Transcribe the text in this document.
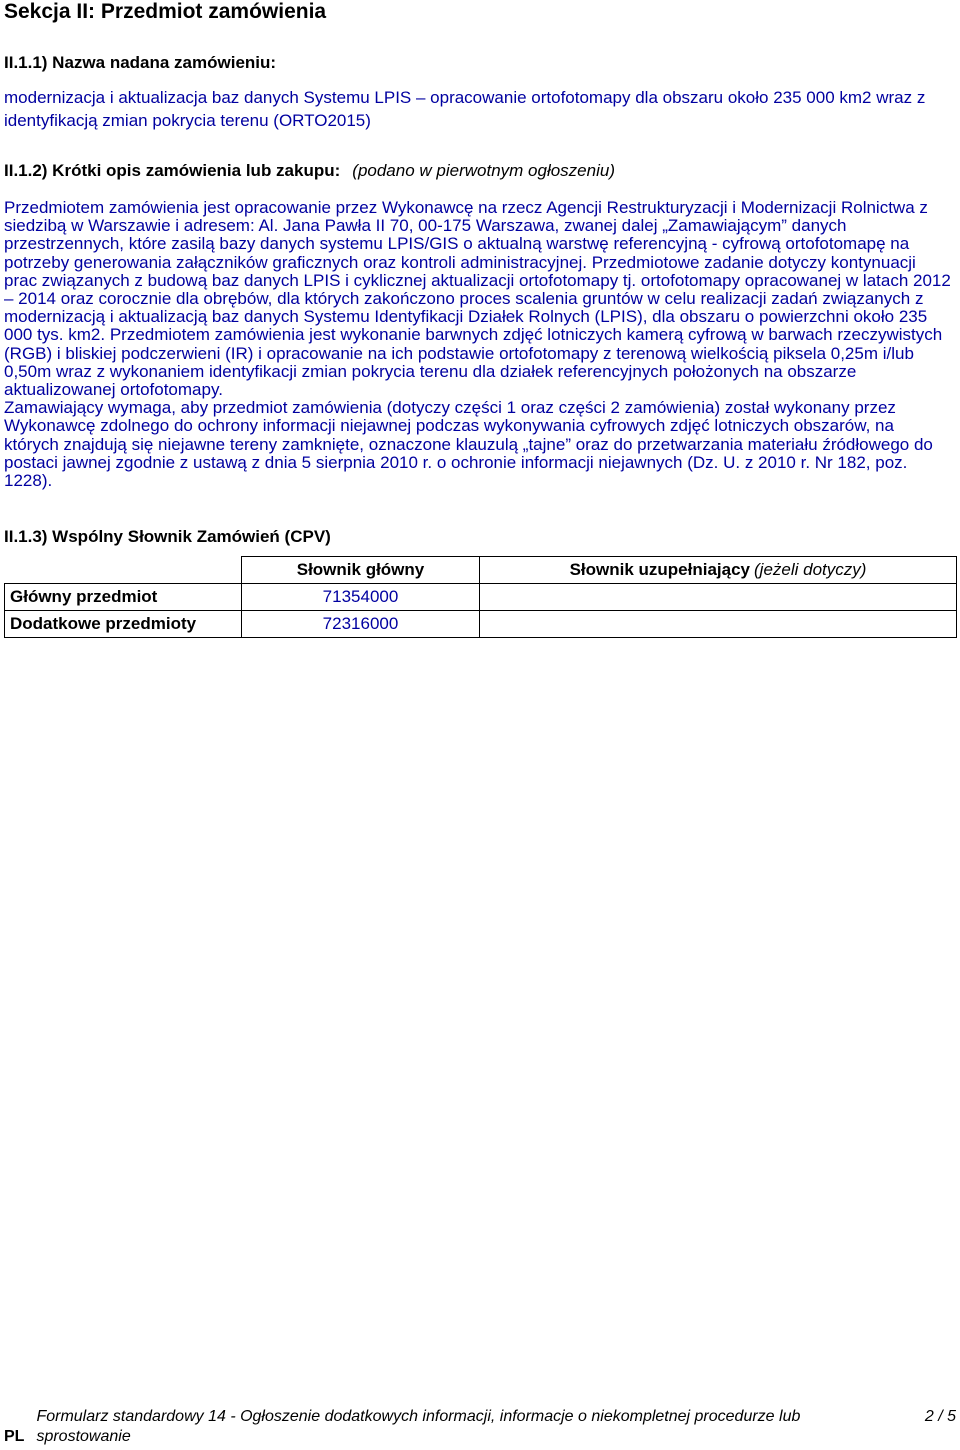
Sekcja II: Przedmiot zamówienia
II.1.1) Nazwa nadana zamówieniu:
modernizacja i aktualizacja baz danych Systemu LPIS – opracowanie ortofotomapy dla obszaru około 235 000 km2 wraz z identyfikacją zmian pokrycia terenu (ORTO2015)
II.1.2) Krótki opis zamówienia lub zakupu: (podano w pierwotnym ogłoszeniu)

Przedmiotem zamówienia jest opracowanie przez Wykonawcę na rzecz Agencji Restrukturyzacji i Modernizacji Rolnictwa z siedzibą w Warszawie i adresem: Al. Jana Pawła II 70, 00-175 Warszawa, zwanej dalej „Zamawiającym” danych przestrzennych, które zasilą bazy danych systemu LPIS/GIS o aktualną warstwę referencyjną - cyfrową ortofotomapę na potrzeby generowania załączników graficznych oraz kontroli administracyjnej. Przedmiotowe zadanie dotyczy kontynuacji prac związanych z budową baz danych LPIS i cyklicznej aktualizacji ortofotomapy tj. ortofotomapy opracowanej w latach 2012 – 2014 oraz corocznie dla obrębów, dla których zakończono proces scalenia gruntów w celu realizacji zadań związanych z modernizacją i aktualizacją baz danych Systemu Identyfikacji Działek Rolnych (LPIS), dla obszaru o powierzchni około 235 000 tys. km2. Przedmiotem zamówienia jest wykonanie barwnych zdjęć lotniczych kamerą cyfrową w barwach rzeczywistych (RGB) i bliskiej podczerwieni (IR) i opracowanie na ich podstawie ortofotomapy z terenową wielkością piksela 0,25m i/lub 0,50m wraz z wykonaniem identyfikacji zmian pokrycia terenu dla działek referencyjnych położonych na obszarze aktualizowanej ortofotomapy.

Zamawiający wymaga, aby przedmiot zamówienia (dotyczy części 1 oraz części 2 zamówienia) został wykonany przez Wykonawcę zdolnego do ochrony informacji niejawnej podczas wykonywania cyfrowych zdjęć lotniczych obszarów, na których znajdują się niejawne tereny zamknięte, oznaczone klauzulą „tajne” oraz do przetwarzania materiału źródłowego do postaci jawnej zgodnie z ustawą z dnia 5 sierpnia 2010 r. o ochronie informacji niejawnych (Dz. U. z 2010 r. Nr 182, poz. 1228).

II.1.3) Wspólny Słownik Zamówień (CPV)
	Słownik główny	Słownik uzupełniający (jeżeli dotyczy)
Główny przedmiot	71354000	
Dodatkowe przedmioty	72316000	
PLFormularz standardowy 14 - Ogłoszenie dodatkowych informacji, informacje o niekompletnej procedurze lub sprostowanie
2 / 5
